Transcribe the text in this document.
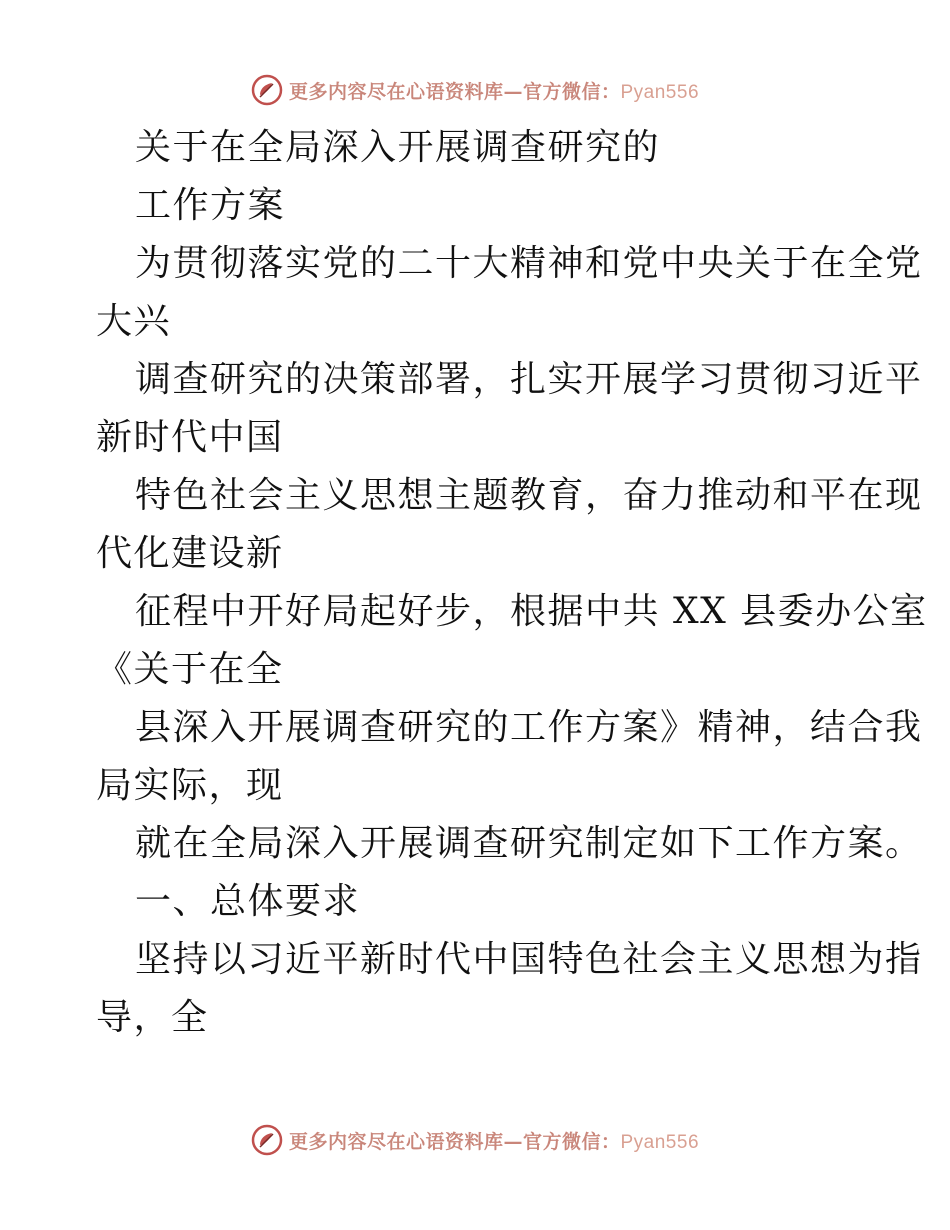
更多内容尽在心语资料库—官方微信：Pyan556
关于在全局深入开展调查研究的
工作方案
为贯彻落实党的二十大精神和党中央关于在全党
大兴
调查研究的决策部署，扎实开展学习贯彻习近平
新时代中国
特色社会主义思想主题教育，奋力推动和平在现
代化建设新
征程中开好局起好步，根据中共 XX 县委办公室
《关于在全
县深入开展调查研究的工作方案》精神，结合我
局实际，现
就在全局深入开展调查研究制定如下工作方案。
一、总体要求
坚持以习近平新时代中国特色社会主义思想为指
导，全
更多内容尽在心语资料库—官方微信：Pyan556
